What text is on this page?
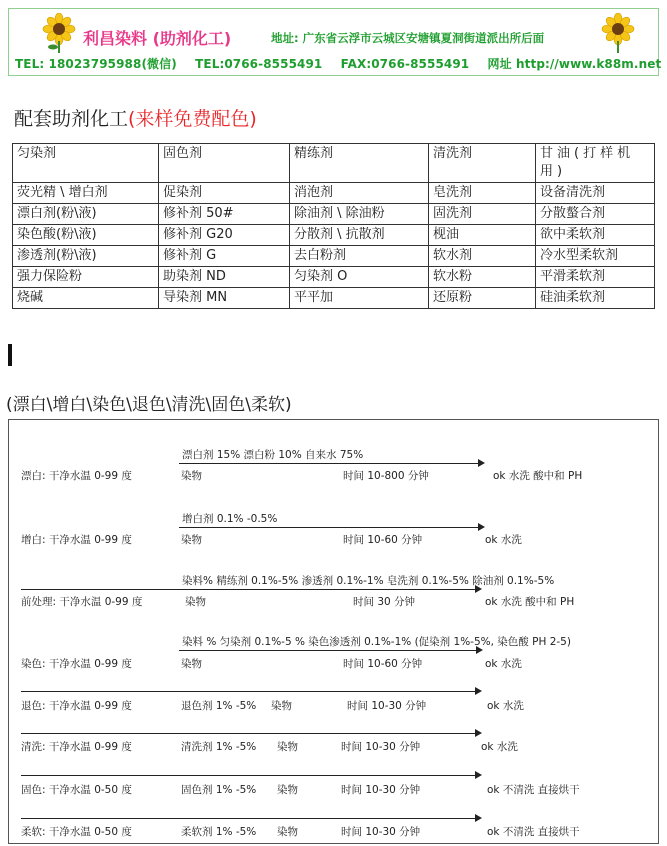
利昌染料 (助剂化工)	地址: 广东省云浮市云城区安塘镇夏洞街道派出所后面
TEL: 18023795988(微信) TEL:0766-8555491 FAX:0766-8555491 网址 http://www.k88m.net
配套助剂化工(来样免费配色)
匀染剂	固色剂	精练剂	清洗剂	甘油(打样机用)
荧光精 \ 增白剂	促染剂	消泡剂	皂洗剂	设备清洗剂
漂白剂(粉\液)	修补剂 50#	除油剂 \ 除油粉	固洗剂	分散螯合剂
染色酸(粉\液)	修补剂 G20	分散剂 \ 抗散剂	枧油	欲中柔软剂
渗透剂(粉\液)	修补剂 G	去白粉剂	软水剂	冷水型柔软剂
强力保险粉	助染剂 ND	匀染剂 O	软水粉	平滑柔软剂
烧碱	导染剂 MN	平平加	还原粉	硅油柔软剂
(漂白\增白\染色\退色\清洗\固色\柔软)
漂白剂 15% 漂白粉 10% 自来水 75%
漂白: 干净水温 0-99 度	染物	时间 10-800 分钟	ok 水洗 酸中和 PH
增白剂 0.1% -0.5%
增白: 干净水温 0-99 度	染物	时间 10-60 分钟	ok 水洗
染料% 精练剂 0.1%-5% 渗透剂 0.1%-1% 皂洗剂 0.1%-5% 除油剂 0.1%-5%
前处理: 干净水温 0-99 度	染物	时间 30 分钟	ok 水洗 酸中和 PH
染料 % 匀染剂 0.1%-5 % 染色渗透剂 0.1%-1% (促染剂 1%-5%, 染色酸 PH 2-5)
染色: 干净水温 0-99 度	染物	时间 10-60 分钟	ok 水洗
退色: 干净水温 0-99 度	退色剂 1% -5% 染物	时间 10-30 分钟	ok 水洗
清洗: 干净水温 0-99 度	清洗剂 1% -5% 染物	时间 10-30 分钟	ok 水洗
固色: 干净水温 0-50 度	固色剂 1% -5% 染物	时间 10-30 分钟	ok 不清洗 直接烘干
柔软: 干净水温 0-50 度	柔软剂 1% -5% 染物	时间 10-30 分钟	ok 不清洗 直接烘干
